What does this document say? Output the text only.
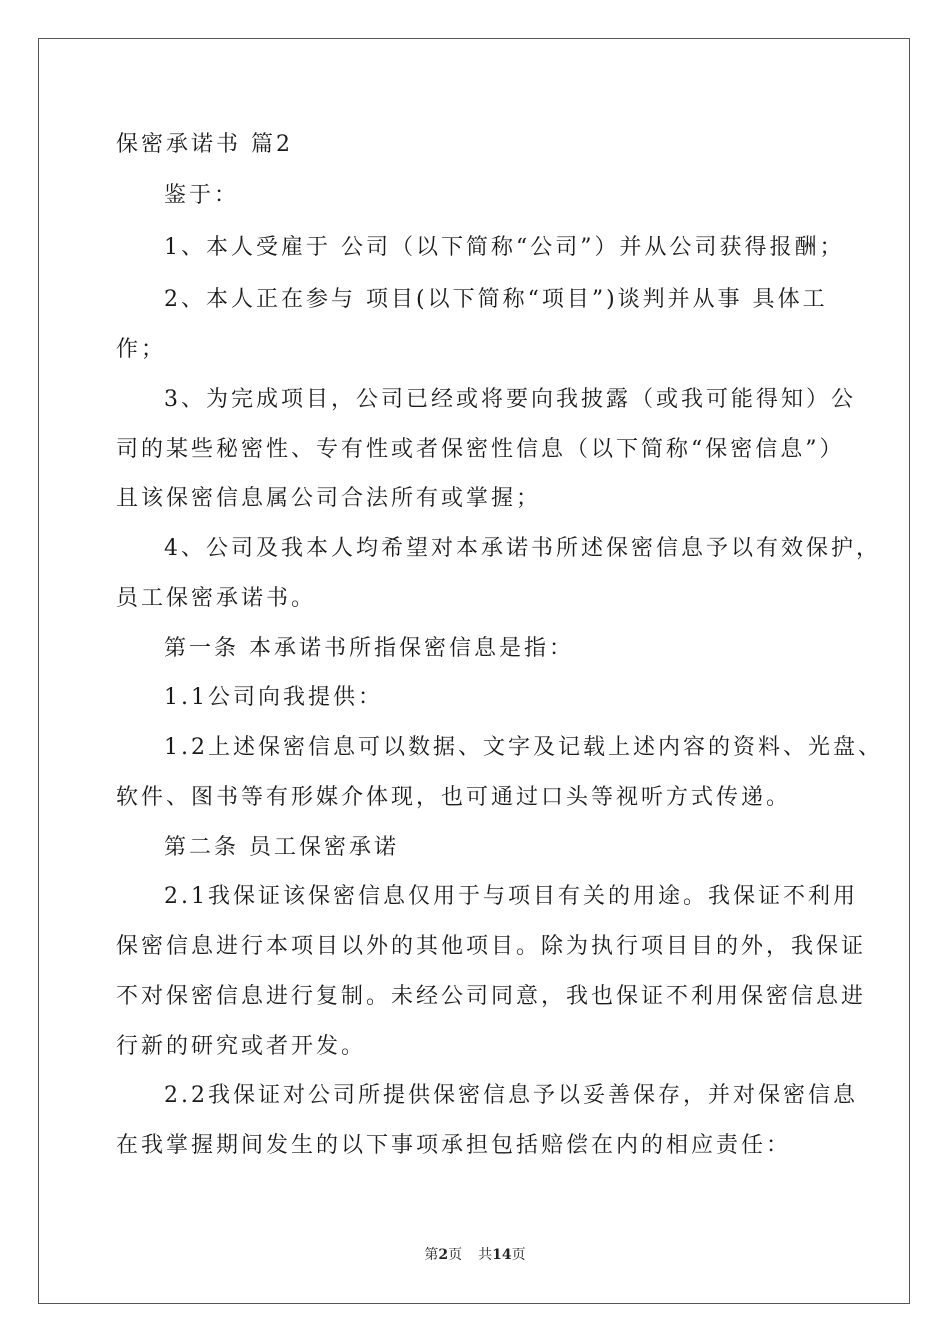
保密承诺书 篇2
鉴于：
1、本人受雇于 公司（以下简称“公司”）并从公司获得报酬；
2、本人正在参与 项目(以下简称“项目”)谈判并从事 具体工
作；
3、为完成项目，公司已经或将要向我披露（或我可能得知）公
司的某些秘密性、专有性或者保密性信息（以下简称“保密信息”）
且该保密信息属公司合法所有或掌握；
4、公司及我本人均希望对本承诺书所述保密信息予以有效保护，
员工保密承诺书。
第一条 本承诺书所指保密信息是指：
1.1公司向我提供：
1.2上述保密信息可以数据、文字及记载上述内容的资料、光盘、
软件、图书等有形媒介体现，也可通过口头等视听方式传递。
第二条 员工保密承诺
2.1我保证该保密信息仅用于与项目有关的用途。我保证不利用
保密信息进行本项目以外的其他项目。除为执行项目目的外，我保证
不对保密信息进行复制。未经公司同意，我也保证不利用保密信息进
行新的研究或者开发。
2.2我保证对公司所提供保密信息予以妥善保存，并对保密信息
在我掌握期间发生的以下事项承担包括赔偿在内的相应责任：
第2页 共14页
